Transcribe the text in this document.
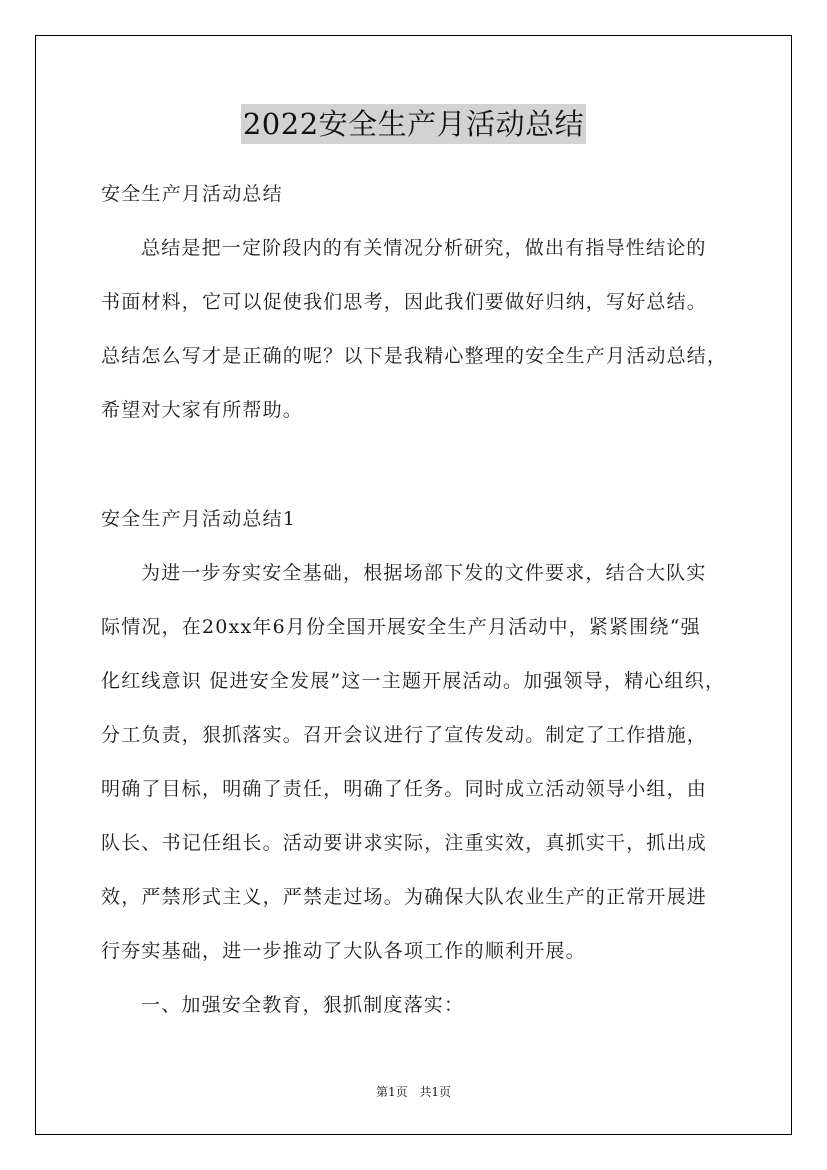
2022安全生产月活动总结
安全生产月活动总结
总结是把一定阶段内的有关情况分析研究，做出有指导性结论的
书面材料，它可以促使我们思考，因此我们要做好归纳，写好总结。
总结怎么写才是正确的呢？以下是我精心整理的安全生产月活动总结，
希望对大家有所帮助。
安全生产月活动总结1
为进一步夯实安全基础，根据场部下发的文件要求，结合大队实
际情况，在20xx年6月份全国开展安全生产月活动中，紧紧围绕“强
化红线意识 促进安全发展”这一主题开展活动。加强领导，精心组织，
分工负责，狠抓落实。召开会议进行了宣传发动。制定了工作措施，
明确了目标，明确了责任，明确了任务。同时成立活动领导小组，由
队长、书记任组长。活动要讲求实际，注重实效，真抓实干，抓出成
效，严禁形式主义，严禁走过场。为确保大队农业生产的正常开展进
行夯实基础，进一步推动了大队各项工作的顺利开展。
一、加强安全教育，狠抓制度落实：
第1页 共1页
